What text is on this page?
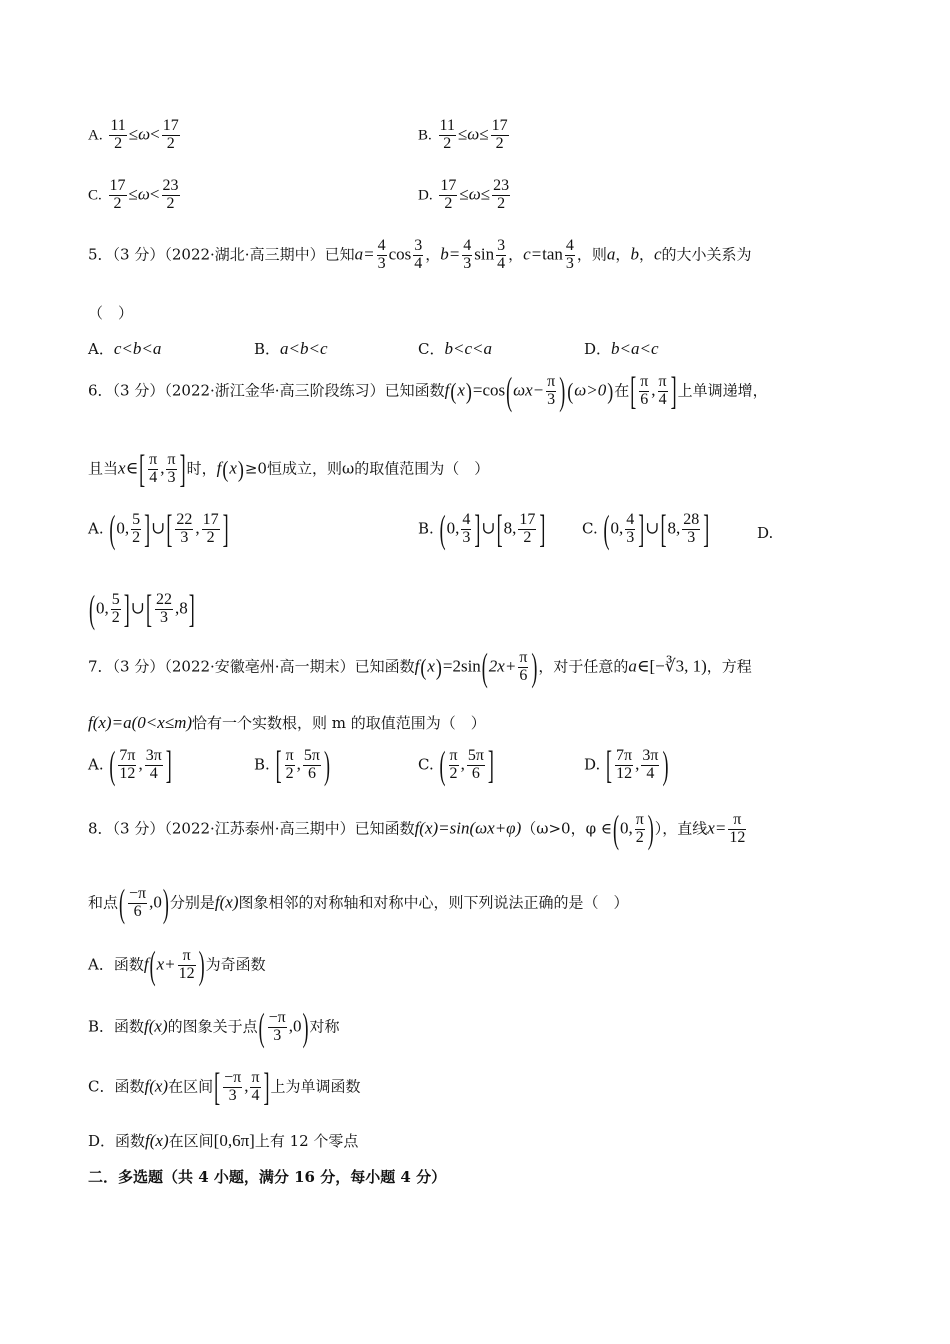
A. $\frac{11}{2} \le\omega< \frac{17}{2}$	B. $\frac{11}{2} \le\omega\le \frac{17}{2}$
C. $\frac{17}{2} \le\omega< \frac{23}{2}$	D. $\frac{17}{2} \le\omega\le \frac{23}{2}$
5．（3 分）（2022·湖北·高三期中）已知$a= \frac{4}{3}$ $\cos \frac{3}{4}$ ，$b= \frac{4}{3}$ $\sin \frac{3}{4}$ ，$c=\tan \frac{4}{3}$ ，则a，b，c的大小关系为
（　）
A．c<b<a	B．a<b<c	C．b<c<a	D．b<a<c
6．（3 分）（2022·浙江金华·高三阶段练习）已知函数$f(x)=\cos(\omega x- \frac{\pi}{3}$ ) (ω>0)在[ $\frac{\pi}{6}$ , $\frac{\pi}{4}$ ]上单调递增，
且当x∈[ $\frac{\pi}{4}$ , $\frac{\pi}{3}$ ]时，f(x)≥0恒成立，则ω的取值范围为（　）
A. (0, $\frac{5}{2}$ ]∪[ $\frac{22}{3}$ , $\frac{17}{2}$ ]	B. (0, $\frac{4}{3}$ ]∪[8, $\frac{17}{2}$ ] C. (0, $\frac{4}{3}$ ]∪[8, $\frac{28}{3}$ ]	D.
(0, $\frac{5}{2}$ ]∪[ $\frac{22}{3} ,8$]
7．（3 分）（2022·安徽亳州·高一期末）已知函数$f(x)=2\sin(2x+ \frac{\pi}{6}$ )，对于任意的a∈[−∛3, 1)，方程
f(x)=a(0<x≤m)恰有一个实数根，则 m 的取值范围为（　）
A. ( $\frac{7\pi}{12}$ , $\frac{3\pi}{4}$ ]	B. [ $\frac{\pi}{2}$ , $\frac{5\pi}{6}$ )	C. ( $\frac{\pi}{2}$ , $\frac{5\pi}{6}$ ]	D. [ $\frac{7\pi}{12}$ , $\frac{3\pi}{4}$ )
8．（3 分）（2022·江苏泰州·高三期中）已知函数f(x)=sin(ωx+φ)（ω>0，φ ∈(0, $\frac{\pi}{2}$ )），直线$x= \frac{\pi}{12}$
和点( $\frac{-\pi}{6} ,0$)分别是f(x)图象相邻的对称轴和对称中心，则下列说法正确的是（　）
A．函数$f(x+ \frac{\pi}{12}$ )为奇函数
B．函数f(x)的图象关于点( $\frac{-\pi}{3} ,0$)对称
C．函数f(x)在区间[ $\frac{-\pi}{3}$ , $\frac{\pi}{4}$ ]上为单调函数
D．函数f(x)在区间[0,6π]上有 12 个零点
二．多选题（共 4 小题，满分 16 分，每小题 4 分）
